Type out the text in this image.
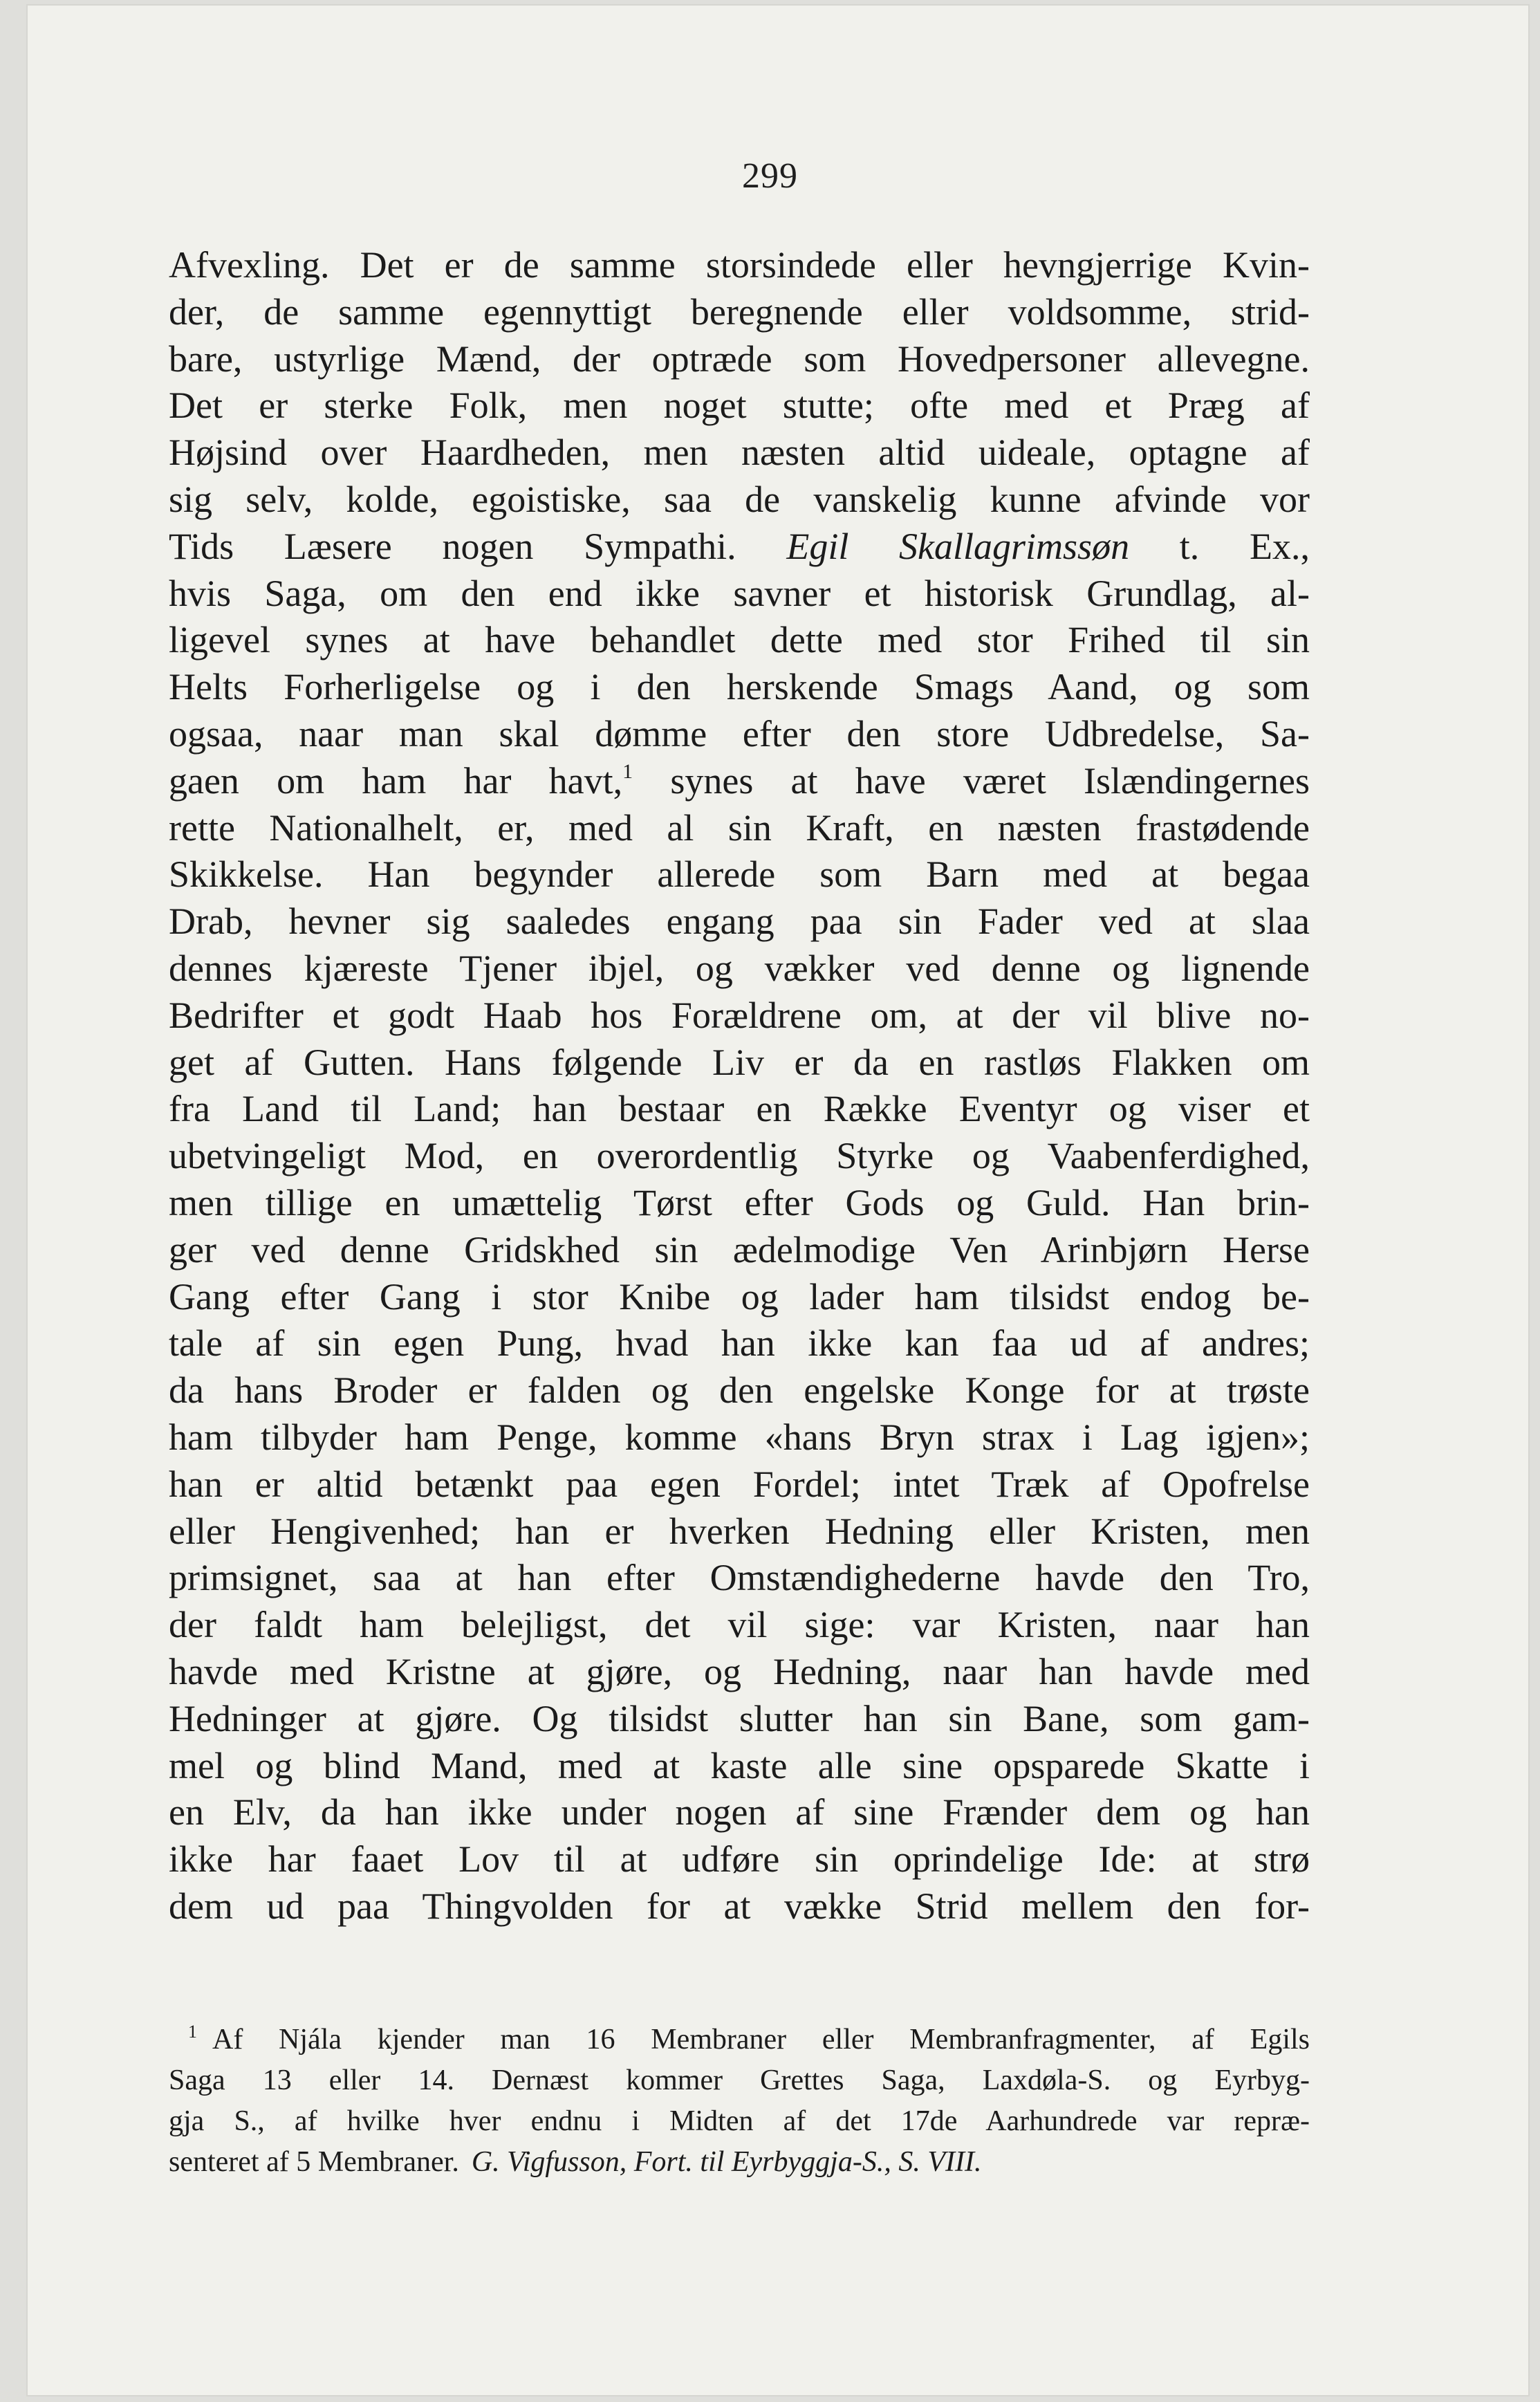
299
Afvexling. Det er de samme storsindede eller hevngjerrige Kvin-
der, de samme egennyttigt beregnende eller voldsomme, strid-
bare, ustyrlige Mænd, der optræde som Hovedpersoner allevegne.
Det er sterke Folk, men noget stutte; ofte med et Præg af
Højsind over Haardheden, men næsten altid uideale, optagne af
sig selv, kolde, egoistiske, saa de vanskelig kunne afvinde vor
Tids Læsere nogen Sympathi. Egil Skallagrimssøn t. Ex.,
hvis Saga, om den end ikke savner et historisk Grundlag, al-
ligevel synes at have behandlet dette med stor Frihed til sin
Helts Forherligelse og i den herskende Smags Aand, og som
ogsaa, naar man skal dømme efter den store Udbredelse, Sa-
gaen om ham har havt,$^1$ synes at have været Islændingernes
rette Nationalhelt, er, med al sin Kraft, en næsten frastødende
Skikkelse. Han begynder allerede som Barn med at begaa
Drab, hevner sig saaledes engang paa sin Fader ved at slaa
dennes kjæreste Tjener ibjel, og vækker ved denne og lignende
Bedrifter et godt Haab hos Forældrene om, at der vil blive no-
get af Gutten. Hans følgende Liv er da en rastløs Flakken om
fra Land til Land; han bestaar en Række Eventyr og viser et
ubetvingeligt Mod, en overordentlig Styrke og Vaabenferdighed,
men tillige en umættelig Tørst efter Gods og Guld. Han brin-
ger ved denne Gridskhed sin ædelmodige Ven Arinbjørn Herse
Gang efter Gang i stor Knibe og lader ham tilsidst endog be-
tale af sin egen Pung, hvad han ikke kan faa ud af andres;
da hans Broder er falden og den engelske Konge for at trøste
ham tilbyder ham Penge, komme «hans Bryn strax i Lag igjen»;
han er altid betænkt paa egen Fordel; intet Træk af Opofrelse
eller Hengivenhed; han er hverken Hedning eller Kristen, men
primsignet, saa at han efter Omstændighederne havde den Tro,
der faldt ham belejligst, det vil sige: var Kristen, naar han
havde med Kristne at gjøre, og Hedning, naar han havde med
Hedninger at gjøre. Og tilsidst slutter han sin Bane, som gam-
mel og blind Mand, med at kaste alle sine opsparede Skatte i
en Elv, da han ikke under nogen af sine Frænder dem og han
ikke har faaet Lov til at udføre sin oprindelige Ide: at strø
dem ud paa Thingvolden for at vække Strid mellem den for-
1 Af Njála kjender man 16 Membraner eller Membranfragmenter, af Egils
Saga 13 eller 14. Dernæst kommer Grettes Saga, Laxdøla-S. og Eyrbyg-
gja S., af hvilke hver endnu i Midten af det 17de Aarhundrede var repræ-
senteret af 5 Membraner. G. Vigfusson, Fort. til Eyrbyggja-S., S. VIII.
